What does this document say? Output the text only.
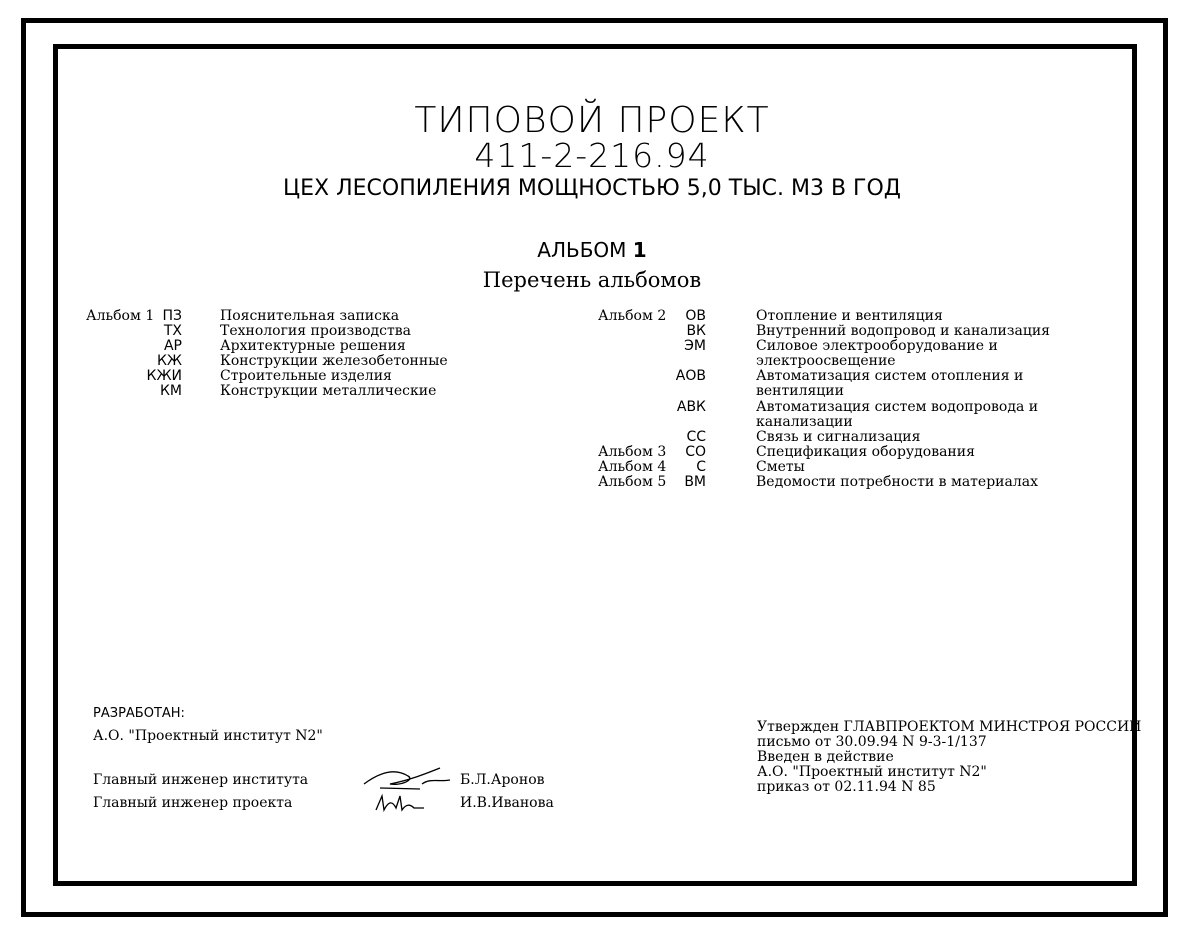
ТИПОВОЙ ПРОЕКТ
411-2-216.94
ЦЕХ ЛЕСОПИЛЕНИЯ МОЩНОСТЬЮ 5,0 ТЫС. М3 В ГОД
АЛЬБОМ 1
Перечень альбомов
Альбом 1 ПЗ	Пояснительная записка
ТХ	Технология производства
АР	Архитектурные решения
КЖ	Конструкции железобетонные
КЖИ	Строительные изделия
КМ	Конструкции металлические
Альбом 2	ОВ	Отопление и вентиляция
ВК	Внутренний водопровод и канализация
ЭМ	Силовое электрооборудование и
электроосвещение
АОВ	Автоматизация систем отопления и
вентиляции
АВК	Автоматизация систем водопровода и
канализации
СС	Связь и сигнализация
Альбом 3	СО	Спецификация оборудования
Альбом 4	С	Сметы
Альбом 5	ВМ	Ведомости потребности в материалах
РАЗРАБОТАН:
А.О. "Проектный институт N2"
Главный инженер института	Б.Л.Аронов
Главный инженер проекта	И.В.Иванова
Утвержден ГЛАВПРОЕКТОМ МИНСТРОЯ РОССИИ
письмо от 30.09.94 N 9-3-1/137
Введен в действие
А.О. "Проектный институт N2"
приказ от 02.11.94 N 85
